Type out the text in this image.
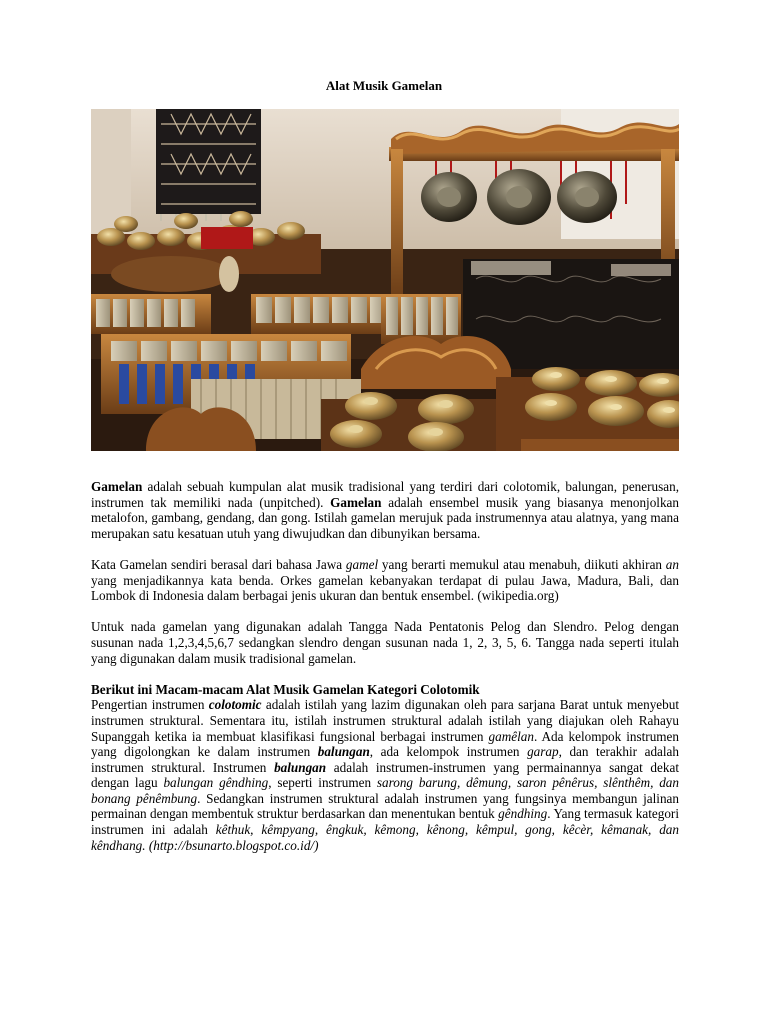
Alat Musik Gamelan

Gamelan adalah sebuah kumpulan alat musik tradisional yang terdiri dari colotomik, balungan, penerusan, instrumen tak memiliki nada (unpitched). Gamelan adalah ensembel musik yang biasanya menonjolkan metalofon, gambang, gendang, dan gong. Istilah gamelan merujuk pada instrumennya atau alatnya, yang mana merupakan satu kesatuan utuh yang diwujudkan dan dibunyikan bersama.

Kata Gamelan sendiri berasal dari bahasa Jawa gamel yang berarti memukul atau menabuh, diikuti akhiran an yang menjadikannya kata benda. Orkes gamelan kebanyakan terdapat di pulau Jawa, Madura, Bali, dan Lombok di Indonesia dalam berbagai jenis ukuran dan bentuk ensembel. (wikipedia.org)

Untuk nada gamelan yang digunakan adalah Tangga Nada Pentatonis Pelog dan Slendro. Pelog dengan susunan nada 1,2,3,4,5,6,7 sedangkan slendro dengan susunan nada 1, 2, 3, 5, 6. Tangga nada seperti itulah yang digunakan dalam musik tradisional gamelan.

Berikut ini Macam-macam Alat Musik Gamelan Kategori Colotomik

Pengertian instrumen colotomic adalah istilah yang lazim digunakan oleh para sarjana Barat untuk menyebut instrumen struktural. Sementara itu, istilah instrumen struktural adalah istilah yang diajukan oleh Rahayu Supanggah ketika ia membuat klasifikasi fungsional berbagai instrumen gamêlan. Ada kelompok instrumen yang digolongkan ke dalam instrumen balungan, ada kelompok instrumen garap, dan terakhir adalah instrumen struktural. Instrumen balungan adalah instrumen-instrumen yang permainannya sangat dekat dengan lagu balungan gêndhing, seperti instrumen sarong barung, dêmung, saron pênêrus, slênthêm, dan bonang pênêmbung. Sedangkan instrumen struktural adalah instrumen yang fungsinya membangun jalinan permainan dengan membentuk struktur berdasarkan dan menentukan bentuk gêndhing. Yang termasuk kategori instrumen ini adalah kêthuk, kêmpyang, êngkuk, kêmong, kênong, kêmpul, gong, kêcèr, kêmanak, dan kêndhang. (http://bsunarto.blogspot.co.id/)
